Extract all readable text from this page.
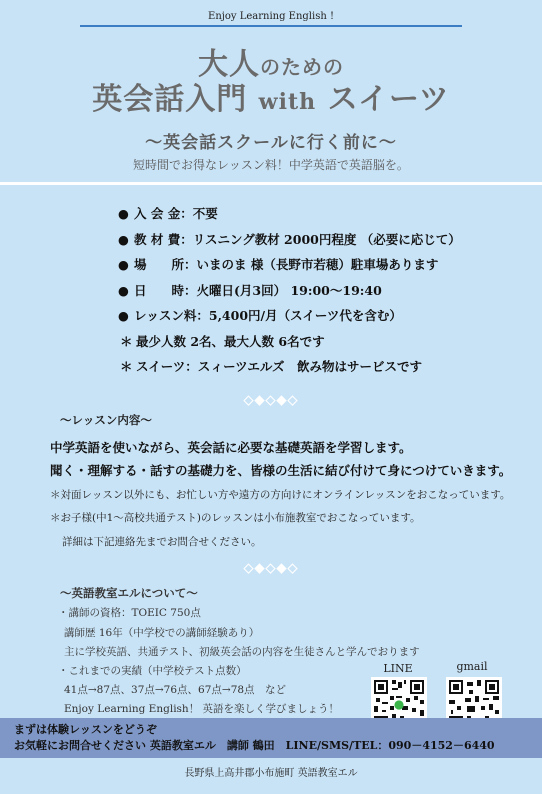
Enjoy Learning English !
大人のための
英会話入門 with スイーツ
～英会話スクールに行く前に～
短時間でお得なレッスン料！中学英語で英語脳を。
● 入 会 金：不要
● 教 材 費：リスニング教材 2000円程度 （必要に応じて）
● 場　　所：いまのま 様（長野市若穂）駐車場あります
● 日　　時：火曜日(月3回） 19:00～19:40
● レッスン料：5,400円/月（スイーツ代を含む）
＊ 最少人数 2名、最大人数 6名です
＊ スイーツ：スィーツエルズ　飲み物はサービスです
◇◆◇◆◇
～レッスン内容～
中学英語を使いながら、英会話に必要な基礎英語を学習します。
聞く・理解する・話すの基礎力を、皆様の生活に結び付けて身につけていきます。
＊対面レッスン以外にも、お忙しい方や遠方の方向けにオンラインレッスンをおこなっています。
＊お子様(中1～高校共通テスト)のレッスンは小布施教室でおこなっています。
詳細は下記連絡先までお問合せください。
◇◆◇◆◇
～英語教室エルについて～
・講師の資格：TOEIC 750点
講師歴 16年（中学校での講師経験あり）
主に学校英語、共通テスト、初級英会話の内容を生徒さんと学んでおります
・これまでの実績（中学校テスト点数）
41点→87点、37点→76点、67点→78点　など
Enjoy Learning English！ 英語を楽しく学びましょう！
LINE	gmail
まずは体験レッスンをどうぞ
お気軽にお問合せください 英語教室エル　講師 鶴田　LINE/SMS/TEL：090－4152－6440
長野県上高井郡小布施町 英語教室エル
